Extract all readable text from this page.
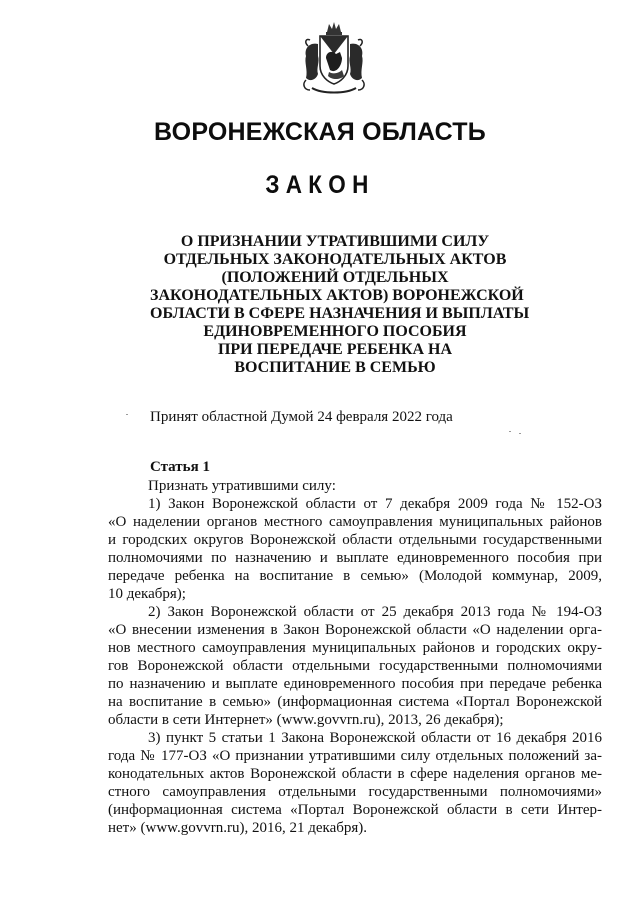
ВОРОНЕЖСКАЯ ОБЛАСТЬ
ЗАКОН
О ПРИЗНАНИИ УТРАТИВШИМИ СИЛУ
ОТДЕЛЬНЫХ ЗАКОНОДАТЕЛЬНЫХ АКТОВ
(ПОЛОЖЕНИЙ ОТДЕЛЬНЫХ
ЗАКОНОДАТЕЛЬНЫХ АКТОВ) ВОРОНЕЖСКОЙ
ОБЛАСТИ В СФЕРЕ НАЗНАЧЕНИЯ И ВЫПЛАТЫ
ЕДИНОВРЕМЕННОГО ПОСОБИЯ
ПРИ ПЕРЕДАЧЕ РЕБЕНКА НА
ВОСПИТАНИЕ В СЕМЬЮ
Принят областной Думой 24 февраля 2022 года
Статья 1
Признать утратившими силу:
1) Закон Воронежской области от 7 декабря 2009 года № 152-ОЗ
«О наделении органов местного самоуправления муниципальных районов
и городских округов Воронежской области отдельными государственными
полномочиями по назначению и выплате единовременного пособия при
передаче ребенка на воспитание в семью» (Молодой коммунар, 2009,
10 декабря);
2) Закон Воронежской области от 25 декабря 2013 года № 194-ОЗ
«О внесении изменения в Закон Воронежской области «О наделении орга-
нов местного самоуправления муниципальных районов и городских окру-
гов Воронежской области отдельными государственными полномочиями
по назначению и выплате единовременного пособия при передаче ребенка
на воспитание в семью» (информационная система «Портал Воронежской
области в сети Интернет» (www.govvrn.ru), 2013, 26 декабря);
3) пункт 5 статьи 1 Закона Воронежской области от 16 декабря 2016
года № 177-ОЗ «О признании утратившими силу отдельных положений за-
конодательных актов Воронежской области в сфере наделения органов ме-
стного самоуправления отдельными государственными полномочиями»
(информационная система «Портал Воронежской области в сети Интер-
нет» (www.govvrn.ru), 2016, 21 декабря).
